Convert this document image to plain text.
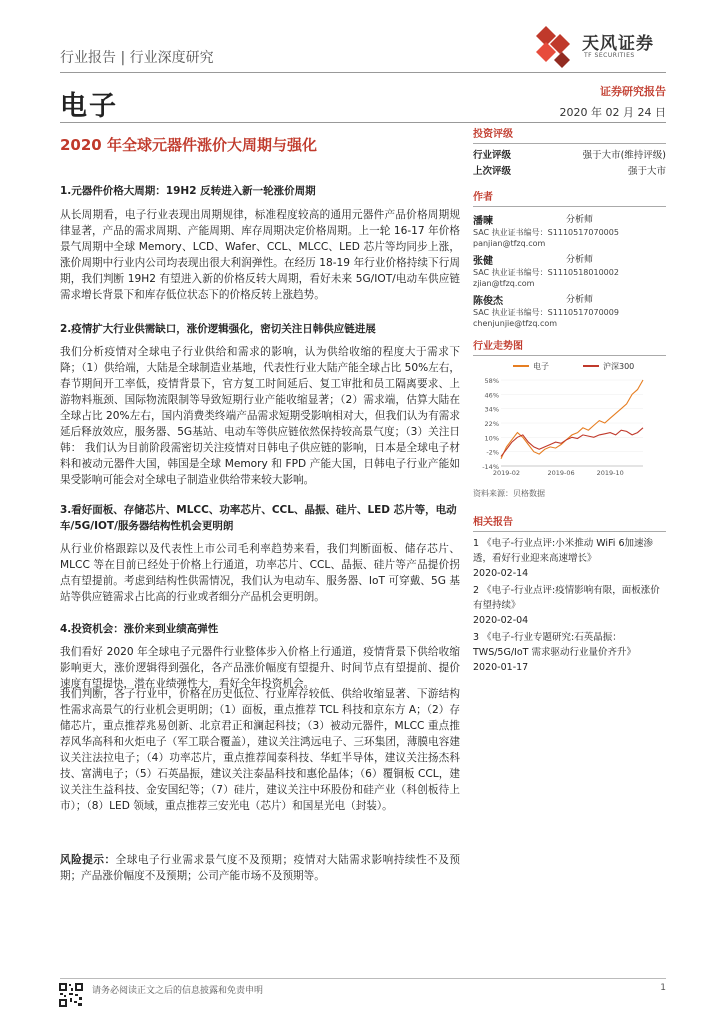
行业报告 | 行业深度研究
天风证券
TF SECURITIES
电子	证券研究报告
2020 年 02 月 24 日
2020 年全球元器件涨价大周期与强化
1.元器件价格大周期：19H2 反转进入新一轮涨价周期
从长周期看，电子行业表现出周期规律，标准程度较高的通用元器件产品价格周期规律显著，产品的需求周期、产能周期、库存周期决定价格周期。上一轮 16-17 年价格景气周期中全球 Memory、LCD、Wafer、CCL、MLCC、LED 芯片等均同步上涨，涨价周期中行业内公司均表现出很大利润弹性。在经历 18-19 年行业价格持续下行周期，我们判断 19H2 有望进入新的价格反转大周期，看好未来 5G/IOT/电动车供应链需求增长背景下和库存低位状态下的价格反转上涨趋势。
2.疫情扩大行业供需缺口，涨价逻辑强化，密切关注日韩供应链进展
我们分析疫情对全球电子行业供给和需求的影响，认为供给收缩的程度大于需求下降；（1）供给端，大陆是全球制造业基地，代表性行业大陆产能全球占比 50%左右，春节期间开工率低，疫情背景下，官方复工时间延后、复工审批和员工隔离要求、上游物料瓶颈、国际物流限制等导致短期行业产能收缩显著；（2）需求端，估算大陆在全球占比 20%左右，国内消费类终端产品需求短期受影响相对大，但我们认为有需求延后释放效应，服务器、5G基站、电动车等供应链依然保持较高景气度；（3）关注日韩： 我们认为目前阶段需密切关注疫情对日韩电子供应链的影响，日本是全球电子材料和被动元器件大国，韩国是全球 Memory 和 FPD 产能大国，日韩电子行业产能如果受影响可能会对全球电子制造业供给带来较大影响。
3.看好面板、存储芯片、MLCC、功率芯片、CCL、晶振、硅片、LED 芯片等，电动车/5G/IOT/服务器结构性机会更明朗
从行业价格跟踪以及代表性上市公司毛利率趋势来看，我们判断面板、储存芯片、MLCC 等在目前已经处于价格上行通道，功率芯片、CCL、晶振、硅片等产品提价拐点有望提前。考虑到结构性供需情况，我们认为电动车、服务器、IoT 可穿戴、5G 基站等供应链需求占比高的行业或者细分产品机会更明朗。
4.投资机会：涨价来到业绩高弹性
我们看好 2020 年全球电子元器件行业整体步入价格上行通道，疫情背景下供给收缩影响更大，涨价逻辑得到强化，各产品涨价幅度有望提升、时间节点有望提前、提价速度有望提快，潜在业绩弹性大，看好全年投资机会。
我们判断，各子行业中，价格在历史低位、行业库存较低、供给收缩显著、下游结构性需求高景气的行业机会更明朗；（1）面板，重点推荐 TCL 科技和京东方 A；（2）存储芯片，重点推荐兆易创新、北京君正和澜起科技；（3）被动元器件，MLCC 重点推荐风华高科和火炬电子（军工联合覆盖），建议关注鸿远电子、三环集团，薄膜电容建议关注法拉电子；（4）功率芯片，重点推荐闻泰科技、华虹半导体，建议关注扬杰科技、富满电子；（5）石英晶振，建议关注泰晶科技和惠伦晶体；（6）覆铜板 CCL，建议关注生益科技、金安国纪等；（7）硅片，建议关注中环股份和硅产业（科创板待上市）；（8）LED 领域，重点推荐三安光电（芯片）和国星光电（封装）。
风险提示：全球电子行业需求景气度不及预期；疫情对大陆需求影响持续性不及预期；产品涨价幅度不及预期；公司产能市场不及预期等。
投资评级
行业评级	强于大市(维持评级)
上次评级	强于大市
作者
潘暕	分析师
SAC 执业证书编号：S1110517070005
panjian@tfzq.com
张健	分析师
SAC 执业证书编号：S1110518010002
zjian@tfzq.com
陈俊杰	分析师
SAC 执业证书编号：S1110517070009
chenjunjie@tfzq.com
行业走势图
电子	沪深300
-14%
-2%
10%
22%
34%
46%
58%
2019-02	2019-06	2019-10
资料来源：贝格数据
相关报告
1 《电子-行业点评:小米推动 WiFi 6加速渗透，看好行业迎来高速增长》
2020-02-14
2 《电子-行业点评:疫情影响有限，面板涨价有望持续》
2020-02-04
3 《电子-行业专题研究:石英晶振：TWS/5G/IoT 需求驱动行业量价齐升》
2020-01-17
请务必阅读正文之后的信息披露和免责申明	1
